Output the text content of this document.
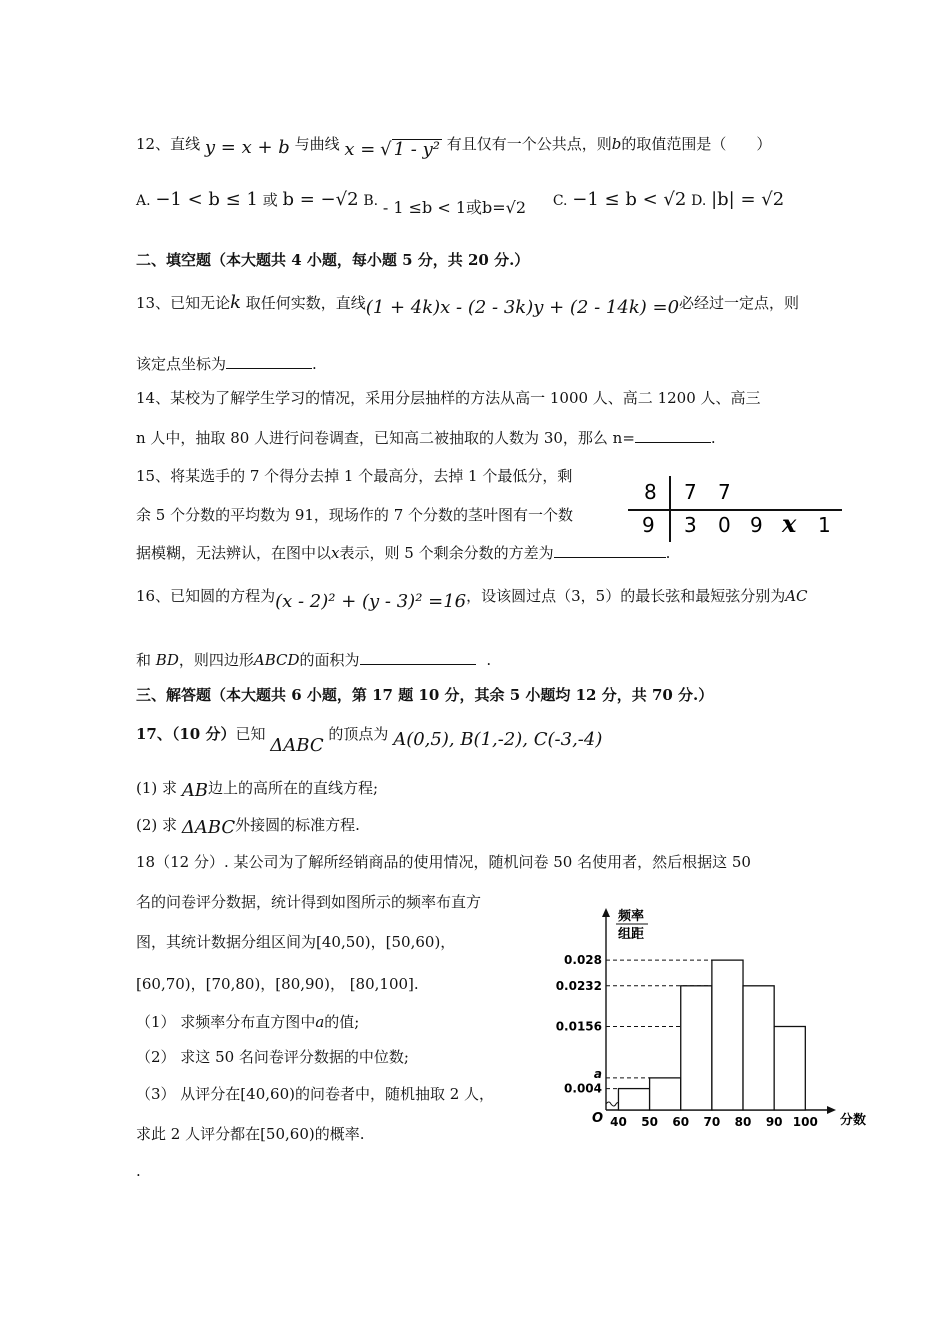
12、直线 y = x + b 与曲线 x = √ 1 - y² 有且仅有一个公共点，则b的取值范围是（　　）
A. −1 < b ≤ 1 或 b = −√2 B. - 1 ≤b < 1或b=√2 C. −1 ≤ b < √2 D. |b| = √2
二、填空题（本大题共 4 小题，每小题 5 分，共 20 分.）
13、已知无论k 取任何实数，直线(1 + 4k)x - (2 - 3k)y + (2 - 14k) =0必经过一定点，则
该定点坐标为	.
14、某校为了解学生学习的情况，采用分层抽样的方法从高一 1000 人、高二 1200 人、高三
n 人中，抽取 80 人进行问卷调查，已知高二被抽取的人数为 30，那么 n=	.
15、将某选手的 7 个得分去掉 1 个最高分，去掉 1 个最低分，剩
余 5 个分数的平均数为 91，现场作的 7 个分数的茎叶图有一个数
据模糊，无法辨认，在图中以x表示，则 5 个剩余分数的方差为	.
8 7 7
9 3 0 9 x 1
16、已知圆的方程为(x - 2)² + (y - 3)² =16，设该圆过点（3，5）的最长弦和最短弦分别为AC
和 BD，则四边形ABCD的面积为	.
三、解答题（本大题共 6 小题，第 17 题 10 分，其余 5 小题均 12 分，共 70 分.）
17、（10 分）已知 ΔABC 的顶点为 A(0,5), B(1,-2), C(-3,-4)
(1) 求 AB边上的高所在的直线方程;
(2) 求 ΔABC外接圆的标准方程.
18（12 分）. 某公司为了解所经销商品的使用情况，随机问卷 50 名使用者，然后根据这 50
名的问卷评分数据，统计得到如图所示的频率布直方
图，其统计数据分组区间为[40,50)，[50,60)，
[60,70)，[70,80)，[80,90)， [80,100].
（1） 求频率分布直方图中a的值;
（2） 求这 50 名问卷评分数据的中位数;
（3） 从评分在[40,60)的问卷者中，随机抽取 2 人，
求此 2 人评分都在[50,60)的概率.
.
频率
组距
分数
O
0.004
a
0.0156
0.0232
0.028
40 50 60 70 80 90 100
